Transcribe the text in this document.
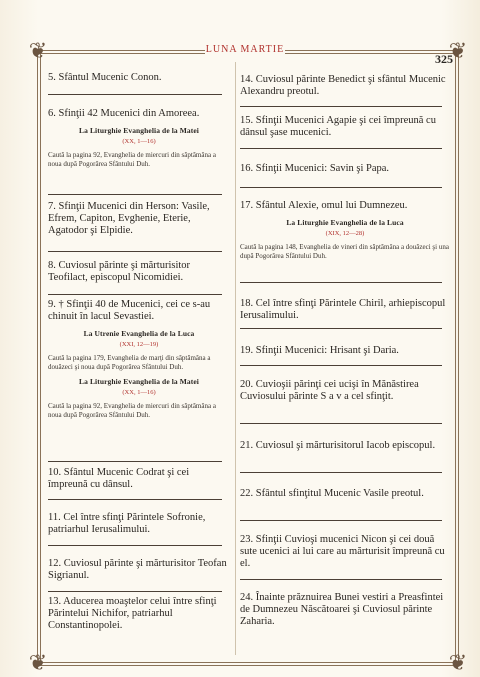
❦	❦
❦	❦
LUNA MARTIE
325
5. Sfântul Mucenic Conon.
6. Sfinţii 42 Mucenici din Amoreea.
La Liturghie Evanghelia de la Matei
(XX, 1—16)
Caută la pagina 92, Evanghelia de miercuri din săptămâna a noua după Pogorârea Sfântului Duh.
7. Sfinţii Mucenici din Herson: Vasile, Efrem, Capiton, Evghenie, Eterie, Agatodor şi Elpidie.
8. Cuviosul părinte şi mărturisitor Teofilact, episcopul Nicomidiei.
9. † Sfinţii 40 de Mucenici, cei ce s-au chinuit în lacul Sevastiei.
La Utrenie Evanghelia de la Luca
(XXI, 12—19)
Caută la pagina 179, Evanghelia de marţi din săptămâna a douăzeci şi noua după Pogorârea Sfântului Duh.
La Liturghie Evanghelia de la Matei
(XX, 1—16)
Caută la pagina 92, Evanghelia de miercuri din săptămâna a noua după Pogorârea Sfântului Duh.
10. Sfântul Mucenic Codrat şi cei împreună cu dânsul.
11. Cel între sfinţi Părintele Sofronie, patriarhul Ierusalimului.
12. Cuviosul părinte şi mărturisitor Teofan Sigrianul.
13. Aducerea moaştelor celui între sfinţi Părintelui Nichifor, patriarhul Constantinopolei.
14. Cuviosul părinte Benedict şi sfântul Mucenic Alexandru preotul.
15. Sfinţii Mucenici Agapie şi cei împreună cu dânsul şase mucenici.
16. Sfinţii Mucenici: Savin şi Papa.
17. Sfântul Alexie, omul lui Dumnezeu.
La Liturghie Evanghelia de la Luca
(XIX, 12—28)
Caută la pagina 148, Evanghelia de vineri din săptămâna a douăzeci şi una după Pogorârea Sfântului Duh.
18. Cel între sfinţi Părintele Chiril, arhiepiscopul Ierusalimului.
19. Sfinţii Mucenici: Hrisant şi Daria.
20. Cuvioşii părinţi cei ucişi în Mănăstirea Cuviosului părinte S a v a cel sfinţit.
21. Cuviosul şi mărturisitorul Iacob episcopul.
22. Sfântul sfinţitul Mucenic Vasile preotul.
23. Sfinţii Cuvioşi mucenici Nicon şi cei două sute ucenici ai lui care au mărturisit împreună cu el.
24. Înainte prăznuirea Bunei vestiri a Preasfintei de Dumnezeu Născătoarei şi Cuviosul părinte Zaharia.
